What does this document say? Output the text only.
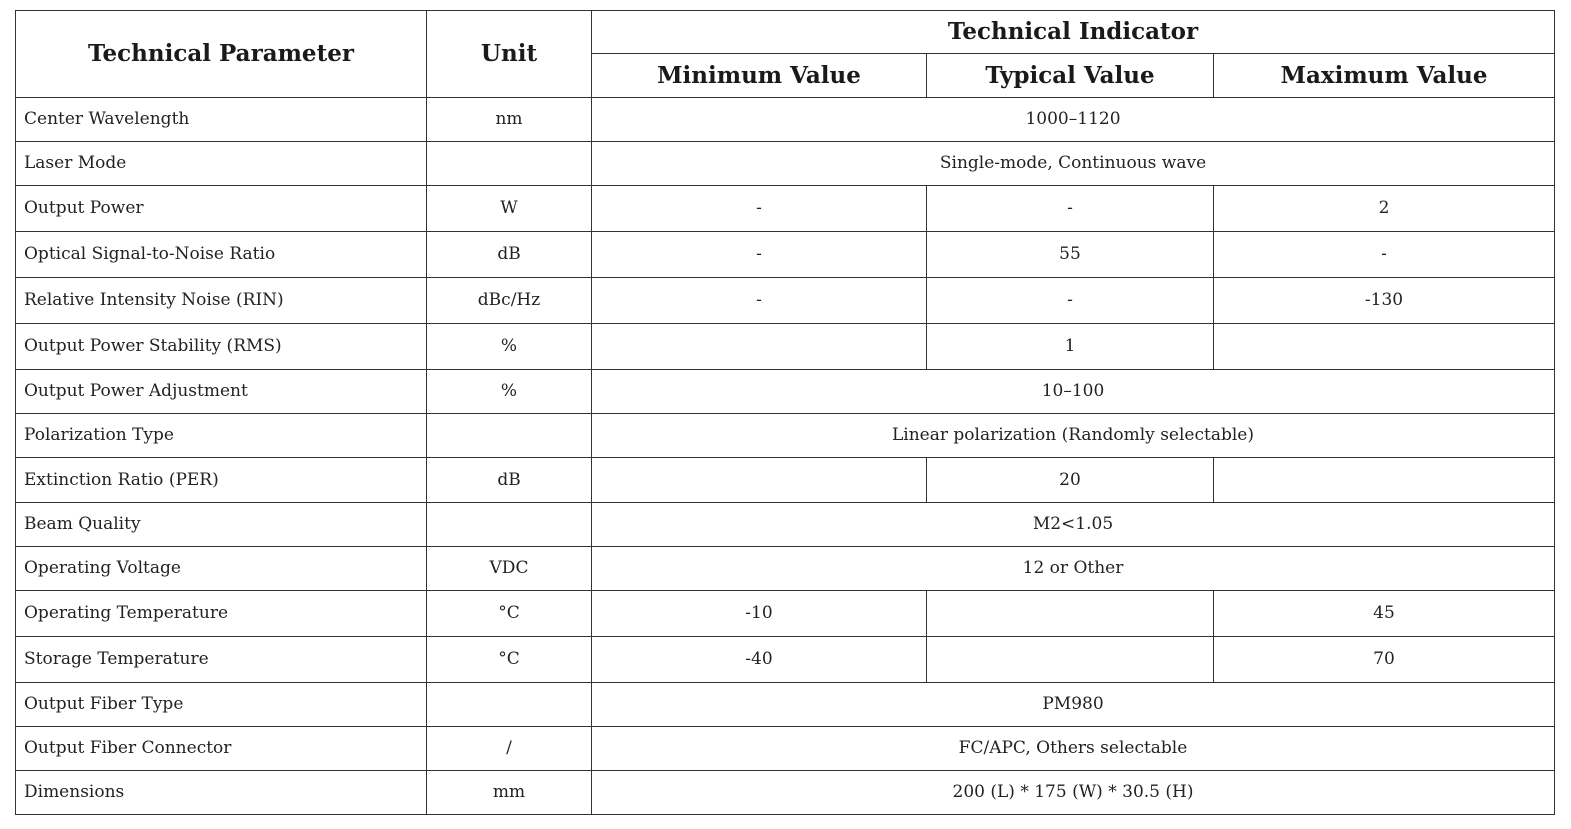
Technical Parameter	Unit	Technical Indicator		
		Minimum Value	Typical Value	Maximum Value
Center Wavelength	nm	1000–1120		
Laser Mode		Single-mode, Continuous wave		
Output Power	W	-	-	2
Optical Signal-to-Noise Ratio	dB	-	55	-
Relative Intensity Noise (RIN)	dBc/Hz	-	-	-130
Output Power Stability (RMS)	%		1	
Output Power Adjustment	%	10–100		
Polarization Type		Linear polarization (Randomly selectable)		
Extinction Ratio (PER)	dB		20	
Beam Quality		M2<1.05		
Operating Voltage	VDC	12 or Other		
Operating Temperature	°C	-10		45
Storage Temperature	°C	-40		70
Output Fiber Type		PM980		
Output Fiber Connector	/	FC/APC, Others selectable		
Dimensions	mm	200 (L) * 175 (W) * 30.5 (H)		
